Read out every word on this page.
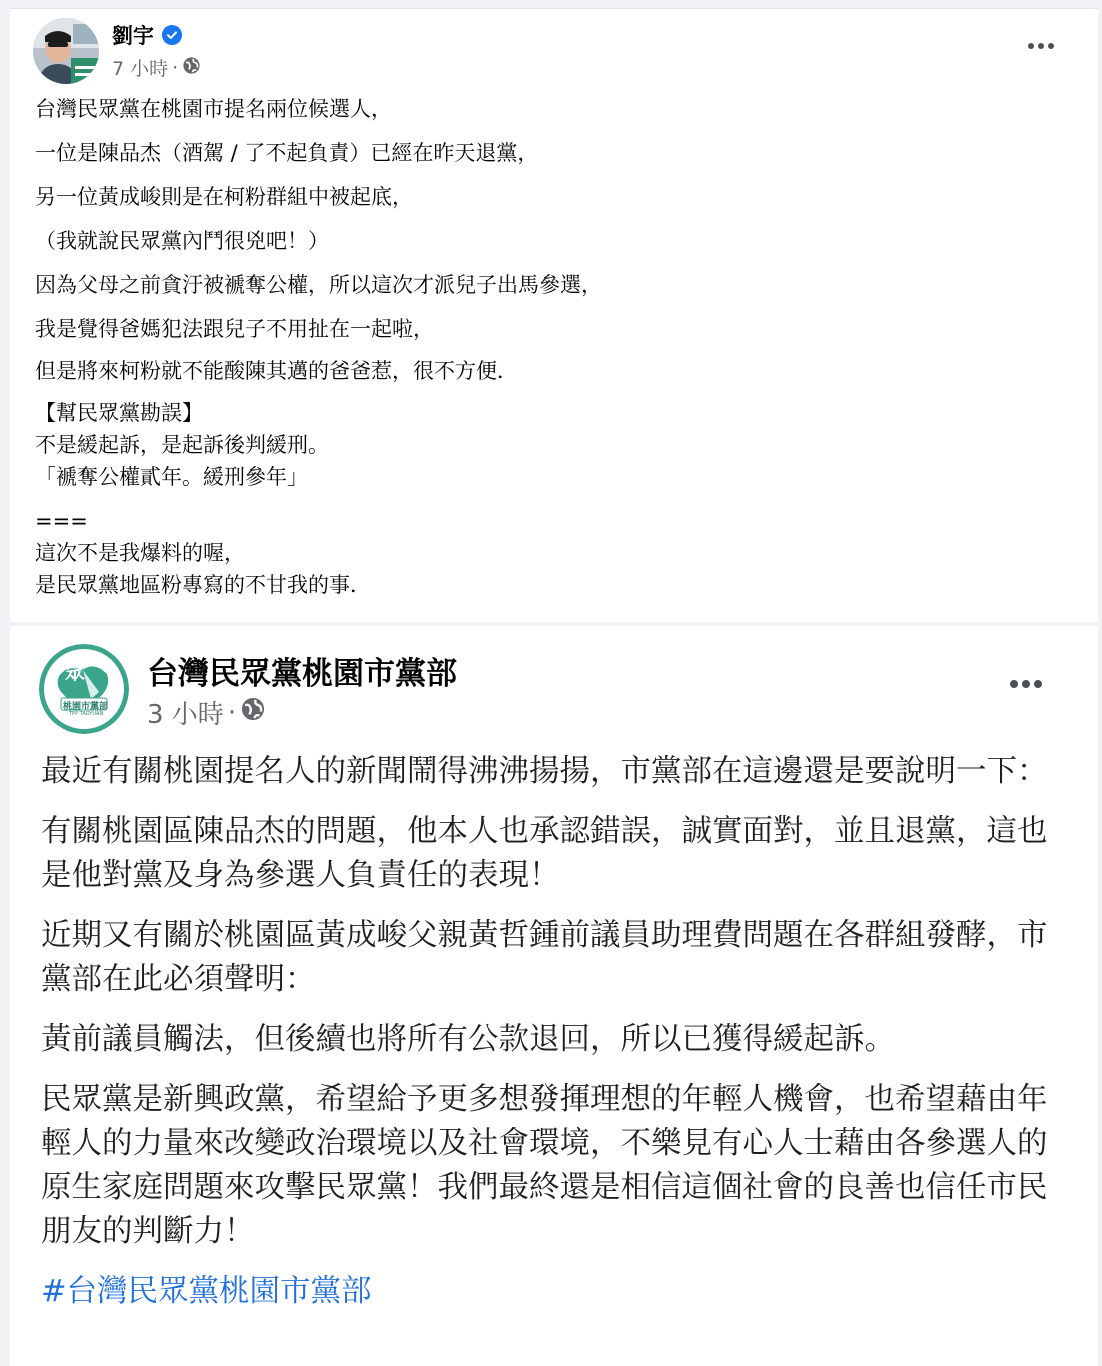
劉宇
7 小時 ·

台灣民眾黨在桃園市提名兩位候選人，

一位是陳品杰（酒駕 / 了不起負責）已經在昨天退黨，

另一位黃成峻則是在柯粉群組中被起底，

（我就說民眾黨內鬥很兇吧！）

因為父母之前貪汙被褫奪公權，所以這次才派兒子出馬參選，

我是覺得爸媽犯法跟兒子不用扯在一起啦，

但是將來柯粉就不能酸陳其邁的爸爸惹，很不方便．

【幫民眾黨勘誤】
不是緩起訴，是起訴後判緩刑。
「褫奪公權貳年。緩刑參年」

===
這次不是我爆料的喔，
是民眾黨地區粉專寫的不甘我的事．

眾
桃園市黨部
TPP TAOYUAN
台灣民眾黨桃園市黨部
3 小時 ·

最近有關桃園提名人的新聞鬧得沸沸揚揚，市黨部在這邊還是要說明一下：

有關桃園區陳品杰的問題，他本人也承認錯誤，誠實面對，並且退黨，這也是他對黨及身為參選人負責任的表現！

近期又有關於桃園區黃成峻父親黃哲鍾前議員助理費問題在各群組發酵，市黨部在此必須聲明：

黃前議員觸法，但後續也將所有公款退回，所以已獲得緩起訴。

民眾黨是新興政黨，希望給予更多想發揮理想的年輕人機會，也希望藉由年輕人的力量來改變政治環境以及社會環境，不樂見有心人士藉由各參選人的原生家庭問題來攻擊民眾黨！我們最終還是相信這個社會的良善也信任市民朋友的判斷力！

#台灣民眾黨桃園市黨部
